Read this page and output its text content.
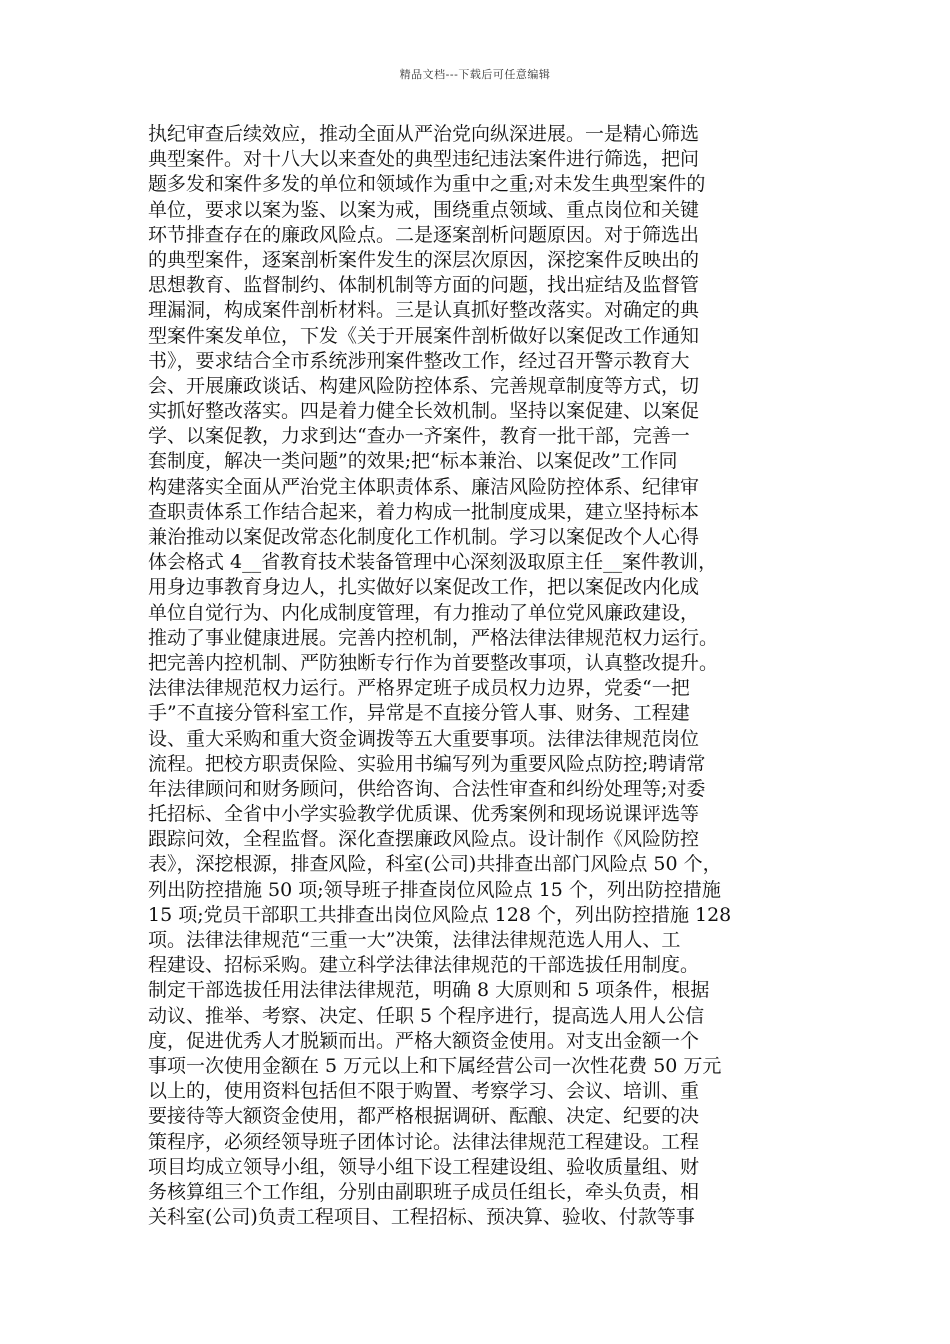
精品文档---下载后可任意编辑
执纪审查后续效应，推动全面从严治党向纵深进展。一是精心筛选
典型案件。对十八大以来查处的典型违纪违法案件进行筛选，把问
题多发和案件多发的单位和领域作为重中之重;对未发生典型案件的
单位，要求以案为鉴、以案为戒，围绕重点领域、重点岗位和关键
环节排查存在的廉政风险点。二是逐案剖析问题原因。对于筛选出
的典型案件，逐案剖析案件发生的深层次原因，深挖案件反映出的
思想教育、监督制约、体制机制等方面的问题，找出症结及监督管
理漏洞，构成案件剖析材料。三是认真抓好整改落实。对确定的典
型案件案发单位，下发《关于开展案件剖析做好以案促改工作通知
书》，要求结合全市系统涉刑案件整改工作，经过召开警示教育大
会、开展廉政谈话、构建风险防控体系、完善规章制度等方式，切
实抓好整改落实。四是着力健全长效机制。坚持以案促建、以案促
学、以案促教，力求到达“查办一齐案件，教育一批干部，完善一
套制度，解决一类问题”的效果;把“标本兼治、以案促改”工作同
构建落实全面从严治党主体职责体系、廉洁风险防控体系、纪律审
查职责体系工作结合起来，着力构成一批制度成果，建立坚持标本
兼治推动以案促改常态化制度化工作机制。学习以案促改个人心得
体会格式 4__省教育技术装备管理中心深刻汲取原主任__案件教训，
用身边事教育身边人，扎实做好以案促改工作，把以案促改内化成
单位自觉行为、内化成制度管理，有力推动了单位党风廉政建设，
推动了事业健康进展。完善内控机制，严格法律法律规范权力运行。
把完善内控机制、严防独断专行作为首要整改事项，认真整改提升。
法律法律规范权力运行。严格界定班子成员权力边界，党委“一把
手”不直接分管科室工作，异常是不直接分管人事、财务、工程建
设、重大采购和重大资金调拨等五大重要事项。法律法律规范岗位
流程。把校方职责保险、实验用书编写列为重要风险点防控;聘请常
年法律顾问和财务顾问，供给咨询、合法性审查和纠纷处理等;对委
托招标、全省中小学实验教学优质课、优秀案例和现场说课评选等
跟踪问效，全程监督。深化查摆廉政风险点。设计制作《风险防控
表》，深挖根源，排查风险，科室(公司)共排查出部门风险点 50 个，
列出防控措施 50 项;领导班子排查岗位风险点 15 个，列出防控措施
15 项;党员干部职工共排查出岗位风险点 128 个，列出防控措施 128
项。法律法律规范“三重一大”决策，法律法律规范选人用人、工
程建设、招标采购。建立科学法律法律规范的干部选拔任用制度。
制定干部选拔任用法律法律规范，明确 8 大原则和 5 项条件，根据
动议、推举、考察、决定、任职 5 个程序进行，提高选人用人公信
度，促进优秀人才脱颖而出。严格大额资金使用。对支出金额一个
事项一次使用金额在 5 万元以上和下属经营公司一次性花费 50 万元
以上的，使用资料包括但不限于购置、考察学习、会议、培训、重
要接待等大额资金使用，都严格根据调研、酝酿、决定、纪要的决
策程序，必须经领导班子团体讨论。法律法律规范工程建设。工程
项目均成立领导小组，领导小组下设工程建设组、验收质量组、财
务核算组三个工作组，分别由副职班子成员任组长，牵头负责，相
关科室(公司)负责工程项目、工程招标、预决算、验收、付款等事
